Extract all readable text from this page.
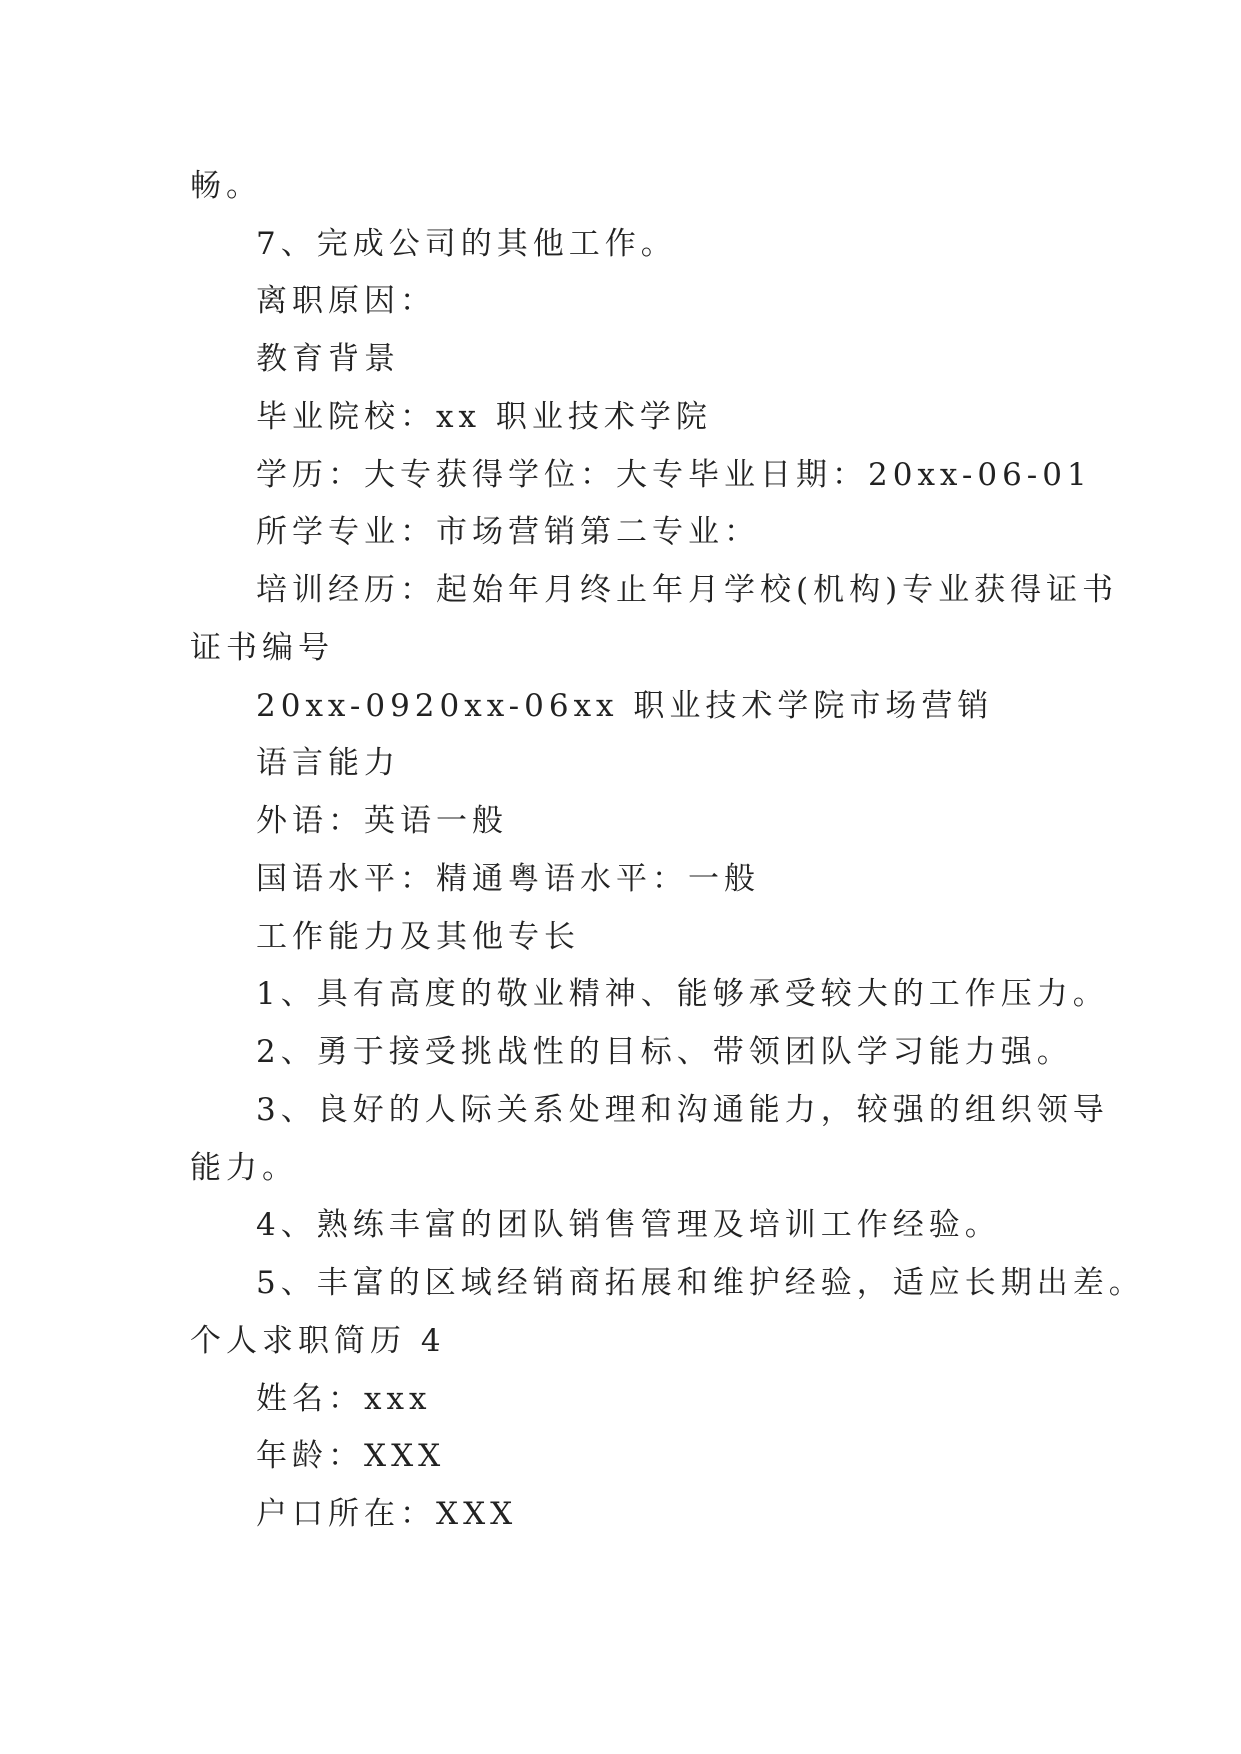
畅。
7、完成公司的其他工作。
离职原因：
教育背景
毕业院校：xx 职业技术学院
学历：大专获得学位：大专毕业日期：20xx-06-01
所学专业：市场营销第二专业：
培训经历：起始年月终止年月学校(机构)专业获得证书
证书编号
20xx-0920xx-06xx 职业技术学院市场营销
语言能力
外语：英语一般
国语水平：精通粤语水平：一般
工作能力及其他专长
1、具有高度的敬业精神、能够承受较大的工作压力。
2、勇于接受挑战性的目标、带领团队学习能力强。
3、良好的人际关系处理和沟通能力，较强的组织领导
能力。
4、熟练丰富的团队销售管理及培训工作经验。
5、丰富的区域经销商拓展和维护经验，适应长期出差。
个人求职简历 4
姓名：xxx
年龄：XXX
户口所在：XXX
